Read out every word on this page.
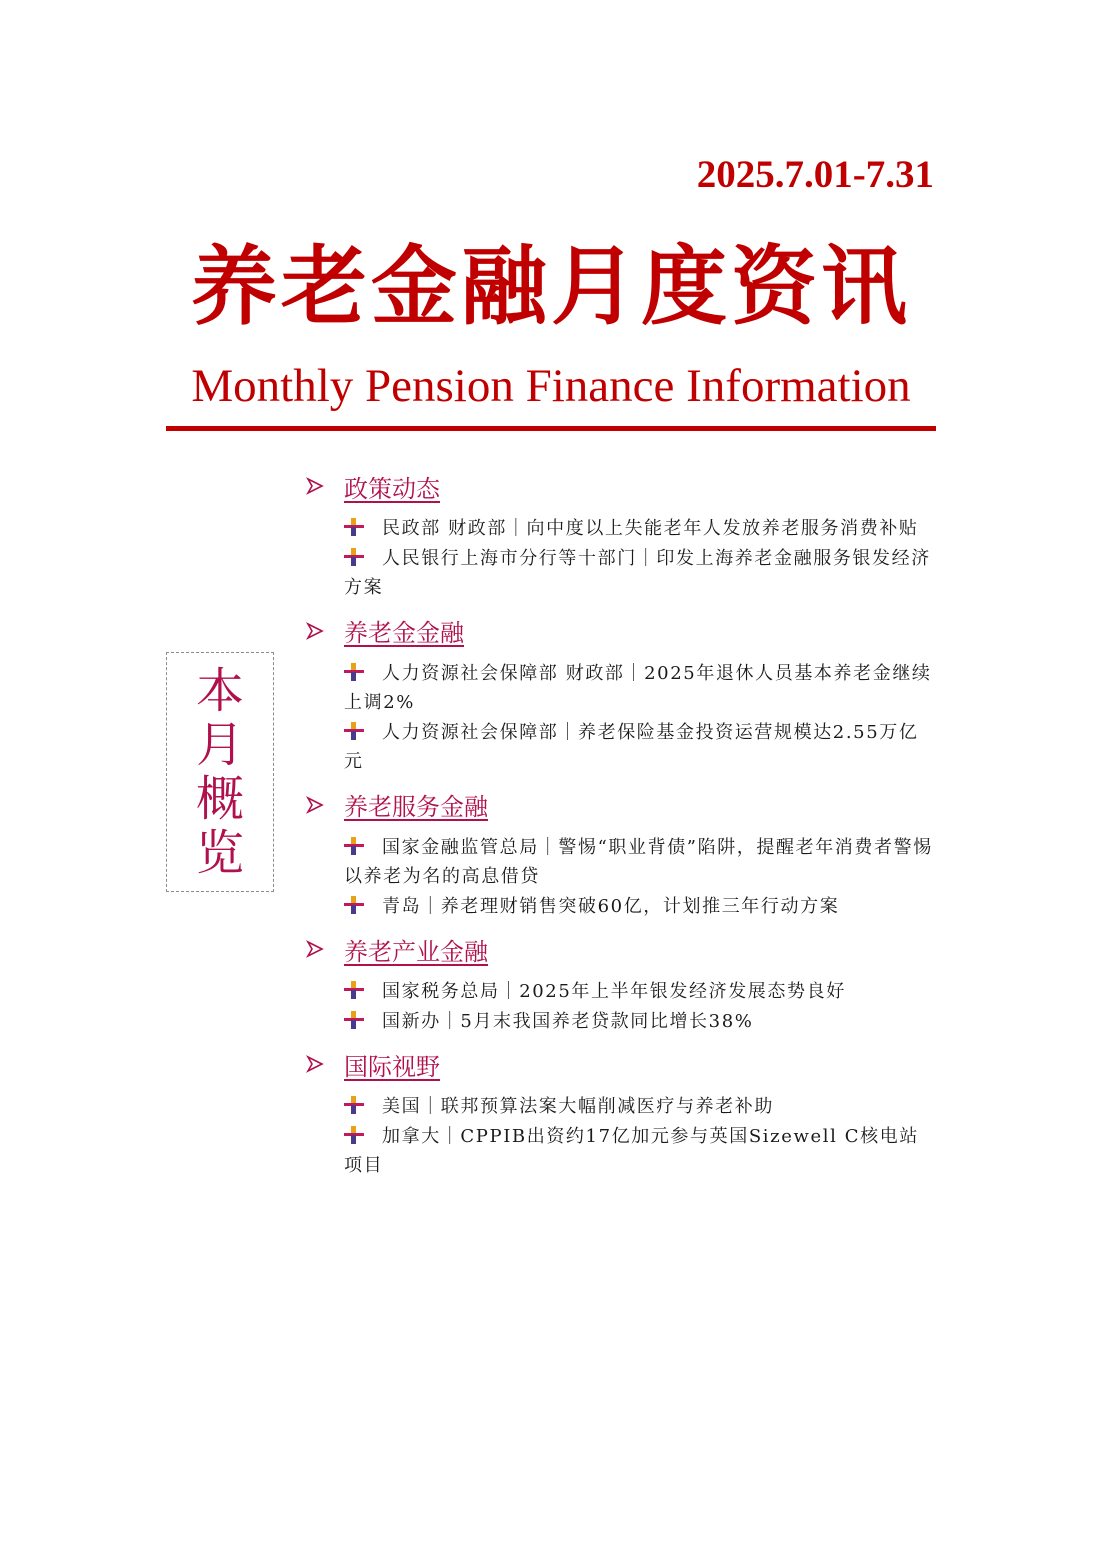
2025.7.01-7.31
养老金融月度资讯
Monthly Pension Finance Information
本
月
概
览
政策动态

民政部 财政部｜向中度以上失能老年人发放养老服务消费补贴

人民银行上海市分行等十部门｜印发上海养老金融服务银发经济方案

养老金金融

人力资源社会保障部 财政部｜2025年退休人员基本养老金继续上调2%

人力资源社会保障部｜养老保险基金投资运营规模达2.55万亿元

养老服务金融

国家金融监管总局｜警惕“职业背债”陷阱，提醒老年消费者警惕以养老为名的高息借贷

青岛｜养老理财销售突破60亿，计划推三年行动方案

养老产业金融

国家税务总局｜2025年上半年银发经济发展态势良好

国新办｜5月末我国养老贷款同比增长38%

国际视野

美国｜联邦预算法案大幅削减医疗与养老补助

加拿大｜CPPIB出资约17亿加元参与英国Sizewell C核电站项目
